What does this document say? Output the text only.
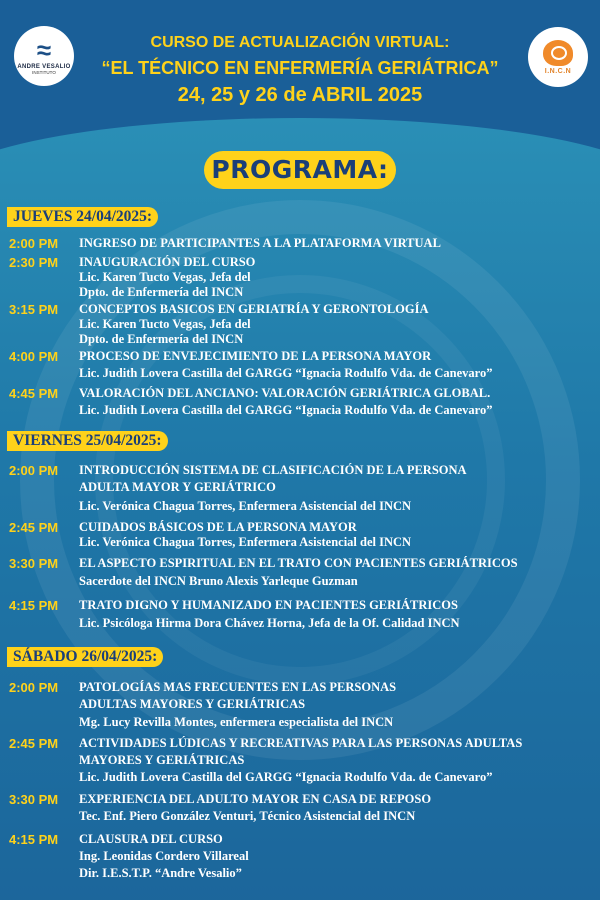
≈
ANDRE VESALIO
INSTITUTO	I.N.C.N
CURSO DE ACTUALIZACIÓN VIRTUAL:
“EL TÉCNICO EN ENFERMERÍA GERIÁTRICA”
24, 25 y 26 de ABRIL 2025
PROGRAMA:
JUEVES 24/04/2025:
2:00 PM INGRESO DE PARTICIPANTES A LA PLATAFORMA VIRTUAL
2:30 PM INAUGURACIÓN DEL CURSO
Lic. Karen Tucto Vegas, Jefa del
Dpto. de Enfermería del INCN
3:15 PM CONCEPTOS BASICOS EN GERIATRÍA Y GERONTOLOGÍA
Lic. Karen Tucto Vegas, Jefa del
Dpto. de Enfermería del INCN
4:00 PM PROCESO DE ENVEJECIMIENTO DE LA PERSONA MAYOR
Lic. Judith Lovera Castilla del GARGG “Ignacia Rodulfo Vda. de Canevaro”
4:45 PM VALORACIÓN DEL ANCIANO: VALORACIÓN GERIÁTRICA GLOBAL.
Lic. Judith Lovera Castilla del GARGG “Ignacia Rodulfo Vda. de Canevaro”
VIERNES 25/04/2025:
2:00 PM INTRODUCCIÓN SISTEMA DE CLASIFICACIÓN DE LA PERSONA
ADULTA MAYOR Y GERIÁTRICO
Lic. Verónica Chagua Torres, Enfermera Asistencial del INCN
2:45 PM CUIDADOS BÁSICOS DE LA PERSONA MAYOR
Lic. Verónica Chagua Torres, Enfermera Asistencial del INCN
3:30 PM EL ASPECTO ESPIRITUAL EN EL TRATO CON PACIENTES GERIÁTRICOS
Sacerdote del INCN Bruno Alexis Yarleque Guzman
4:15 PM TRATO DIGNO Y HUMANIZADO EN PACIENTES GERIÁTRICOS
Lic. Psicóloga Hirma Dora Chávez Horna, Jefa de la Of. Calidad INCN
SÁBADO 26/04/2025:
2:00 PM PATOLOGÍAS MAS FRECUENTES EN LAS PERSONAS
ADULTAS MAYORES Y GERIÁTRICAS
Mg. Lucy Revilla Montes, enfermera especialista del INCN
2:45 PM ACTIVIDADES LÚDICAS Y RECREATIVAS PARA LAS PERSONAS ADULTAS
MAYORES Y GERIÁTRICAS
Lic. Judith Lovera Castilla del GARGG “Ignacia Rodulfo Vda. de Canevaro”
3:30 PM EXPERIENCIA DEL ADULTO MAYOR EN CASA DE REPOSO
Tec. Enf. Piero González Venturi, Técnico Asistencial del INCN
4:15 PM CLAUSURA DEL CURSO
Ing. Leonidas Cordero Villareal
Dir. I.E.S.T.P. “Andre Vesalio”
